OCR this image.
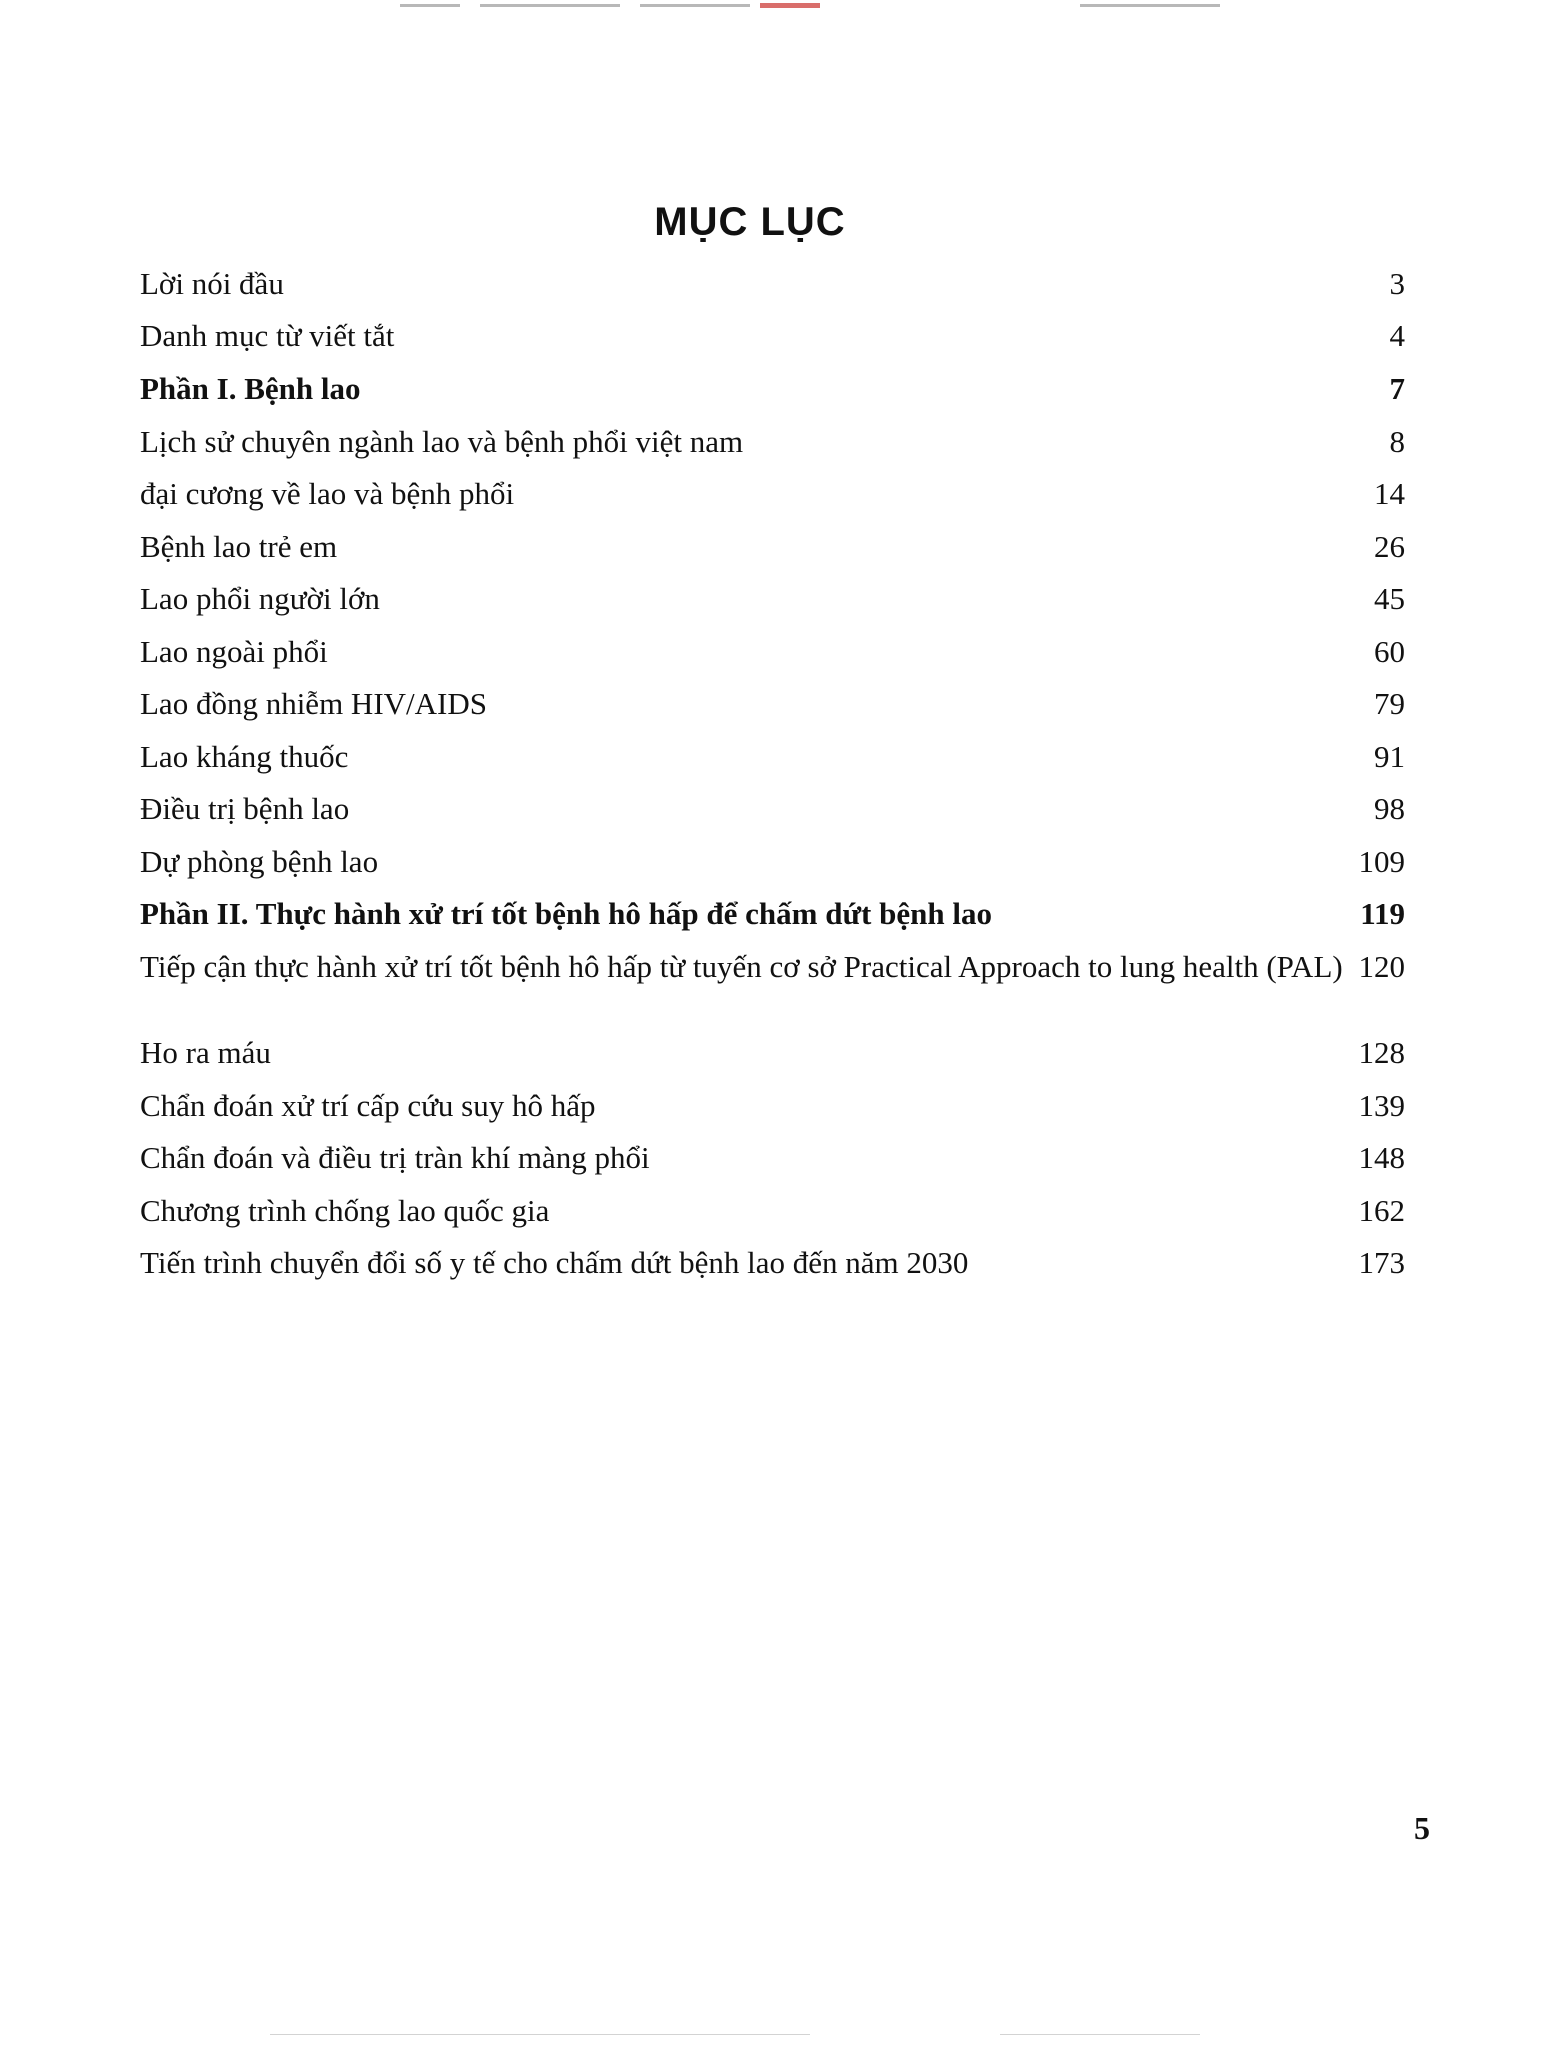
MỤC LỤC
Lời nói đầu	3
Danh mục từ viết tắt	4
Phần I. Bệnh lao	7
Lịch sử chuyên ngành lao và bệnh phổi việt nam	8
đại cương về lao và bệnh phổi	14
Bệnh lao trẻ em	26
Lao phổi người lớn	45
Lao ngoài phổi	60
Lao đồng nhiễm HIV/AIDS	79
Lao kháng thuốc	91
Điều trị bệnh lao	98
Dự phòng bệnh lao	109
Phần II. Thực hành xử trí tốt bệnh hô hấp để chấm dứt bệnh lao	119
Tiếp cận thực hành xử trí tốt bệnh hô hấp từ tuyến cơ sở Practical Approach to lung health (PAL) 120
Ho ra máu	128
Chẩn đoán xử trí cấp cứu suy hô hấp	139
Chẩn đoán và điều trị tràn khí màng phổi	148
Chương trình chống lao quốc gia	162
Tiến trình chuyển đổi số y tế cho chấm dứt bệnh lao đến năm 2030	173
5
